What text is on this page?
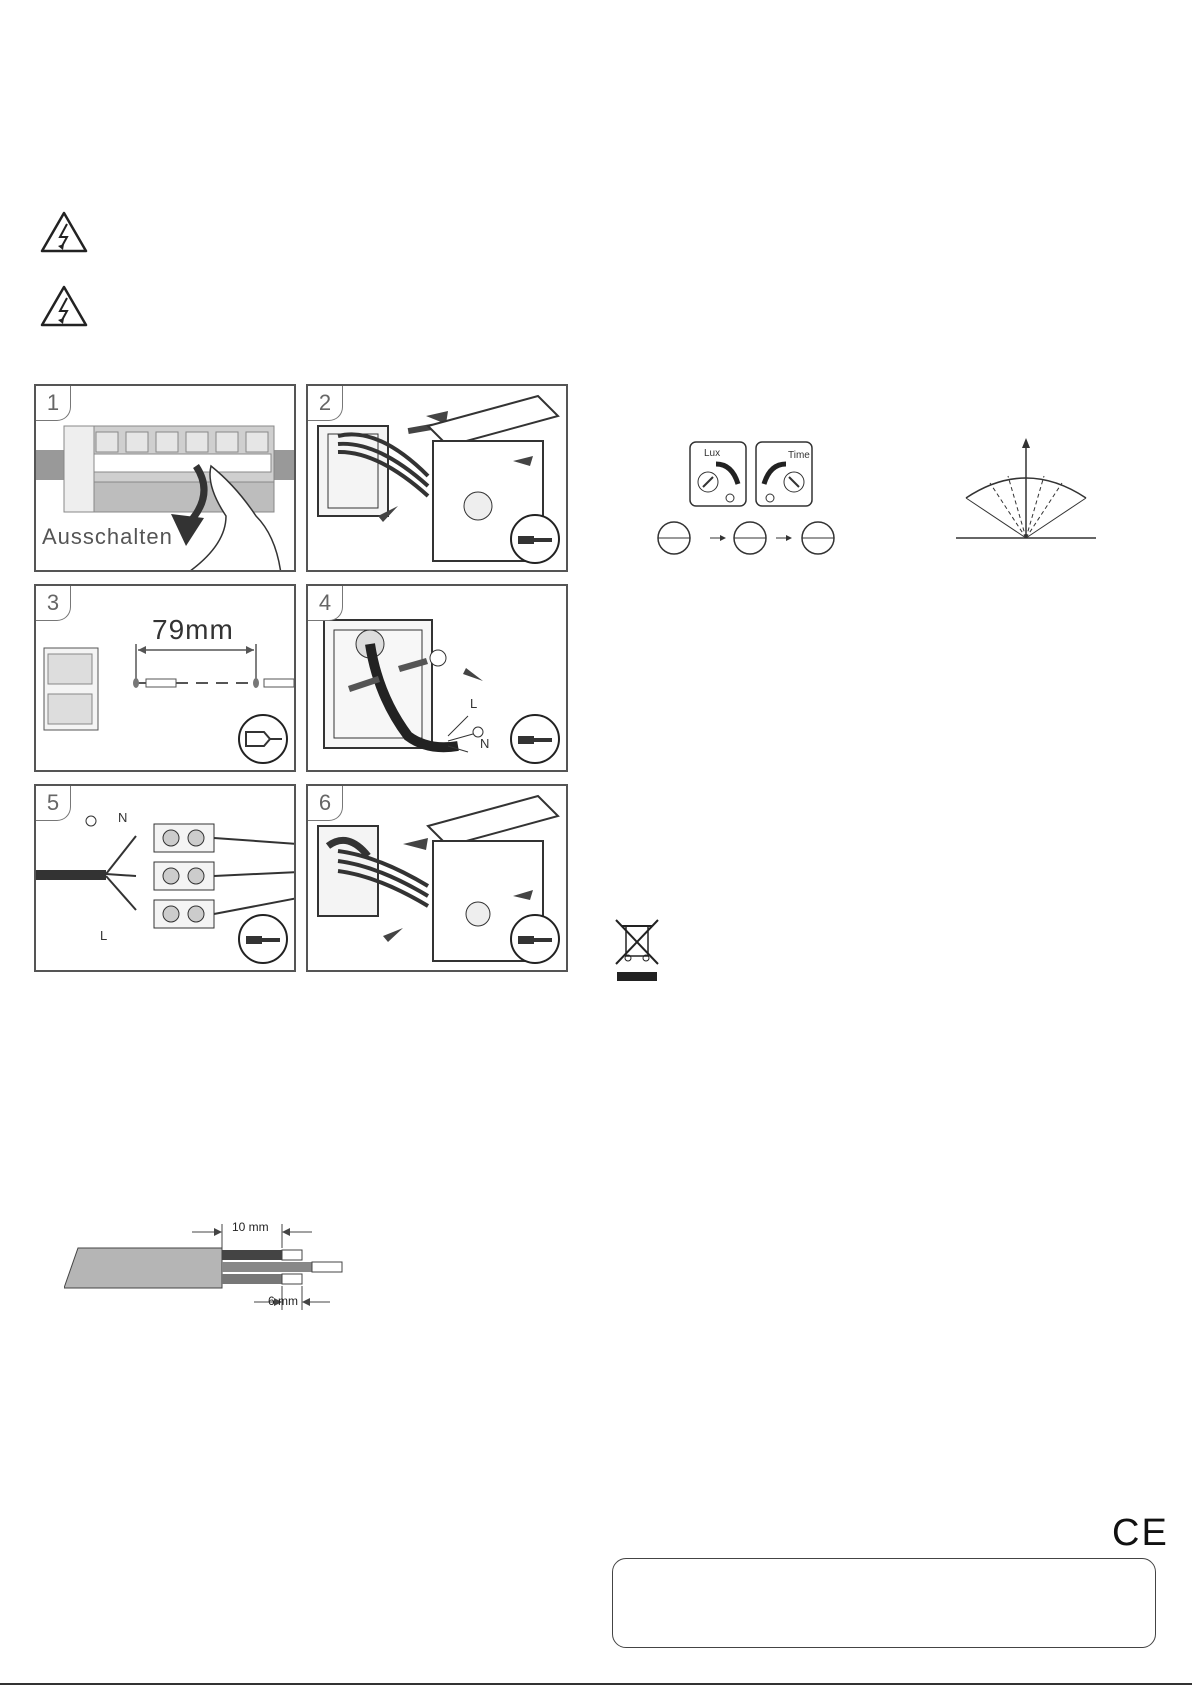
1
Ausschalten
2
3
79mm
4
L
N
5
N
L
6
Lux	Time
10 mm
6 mm
CE
